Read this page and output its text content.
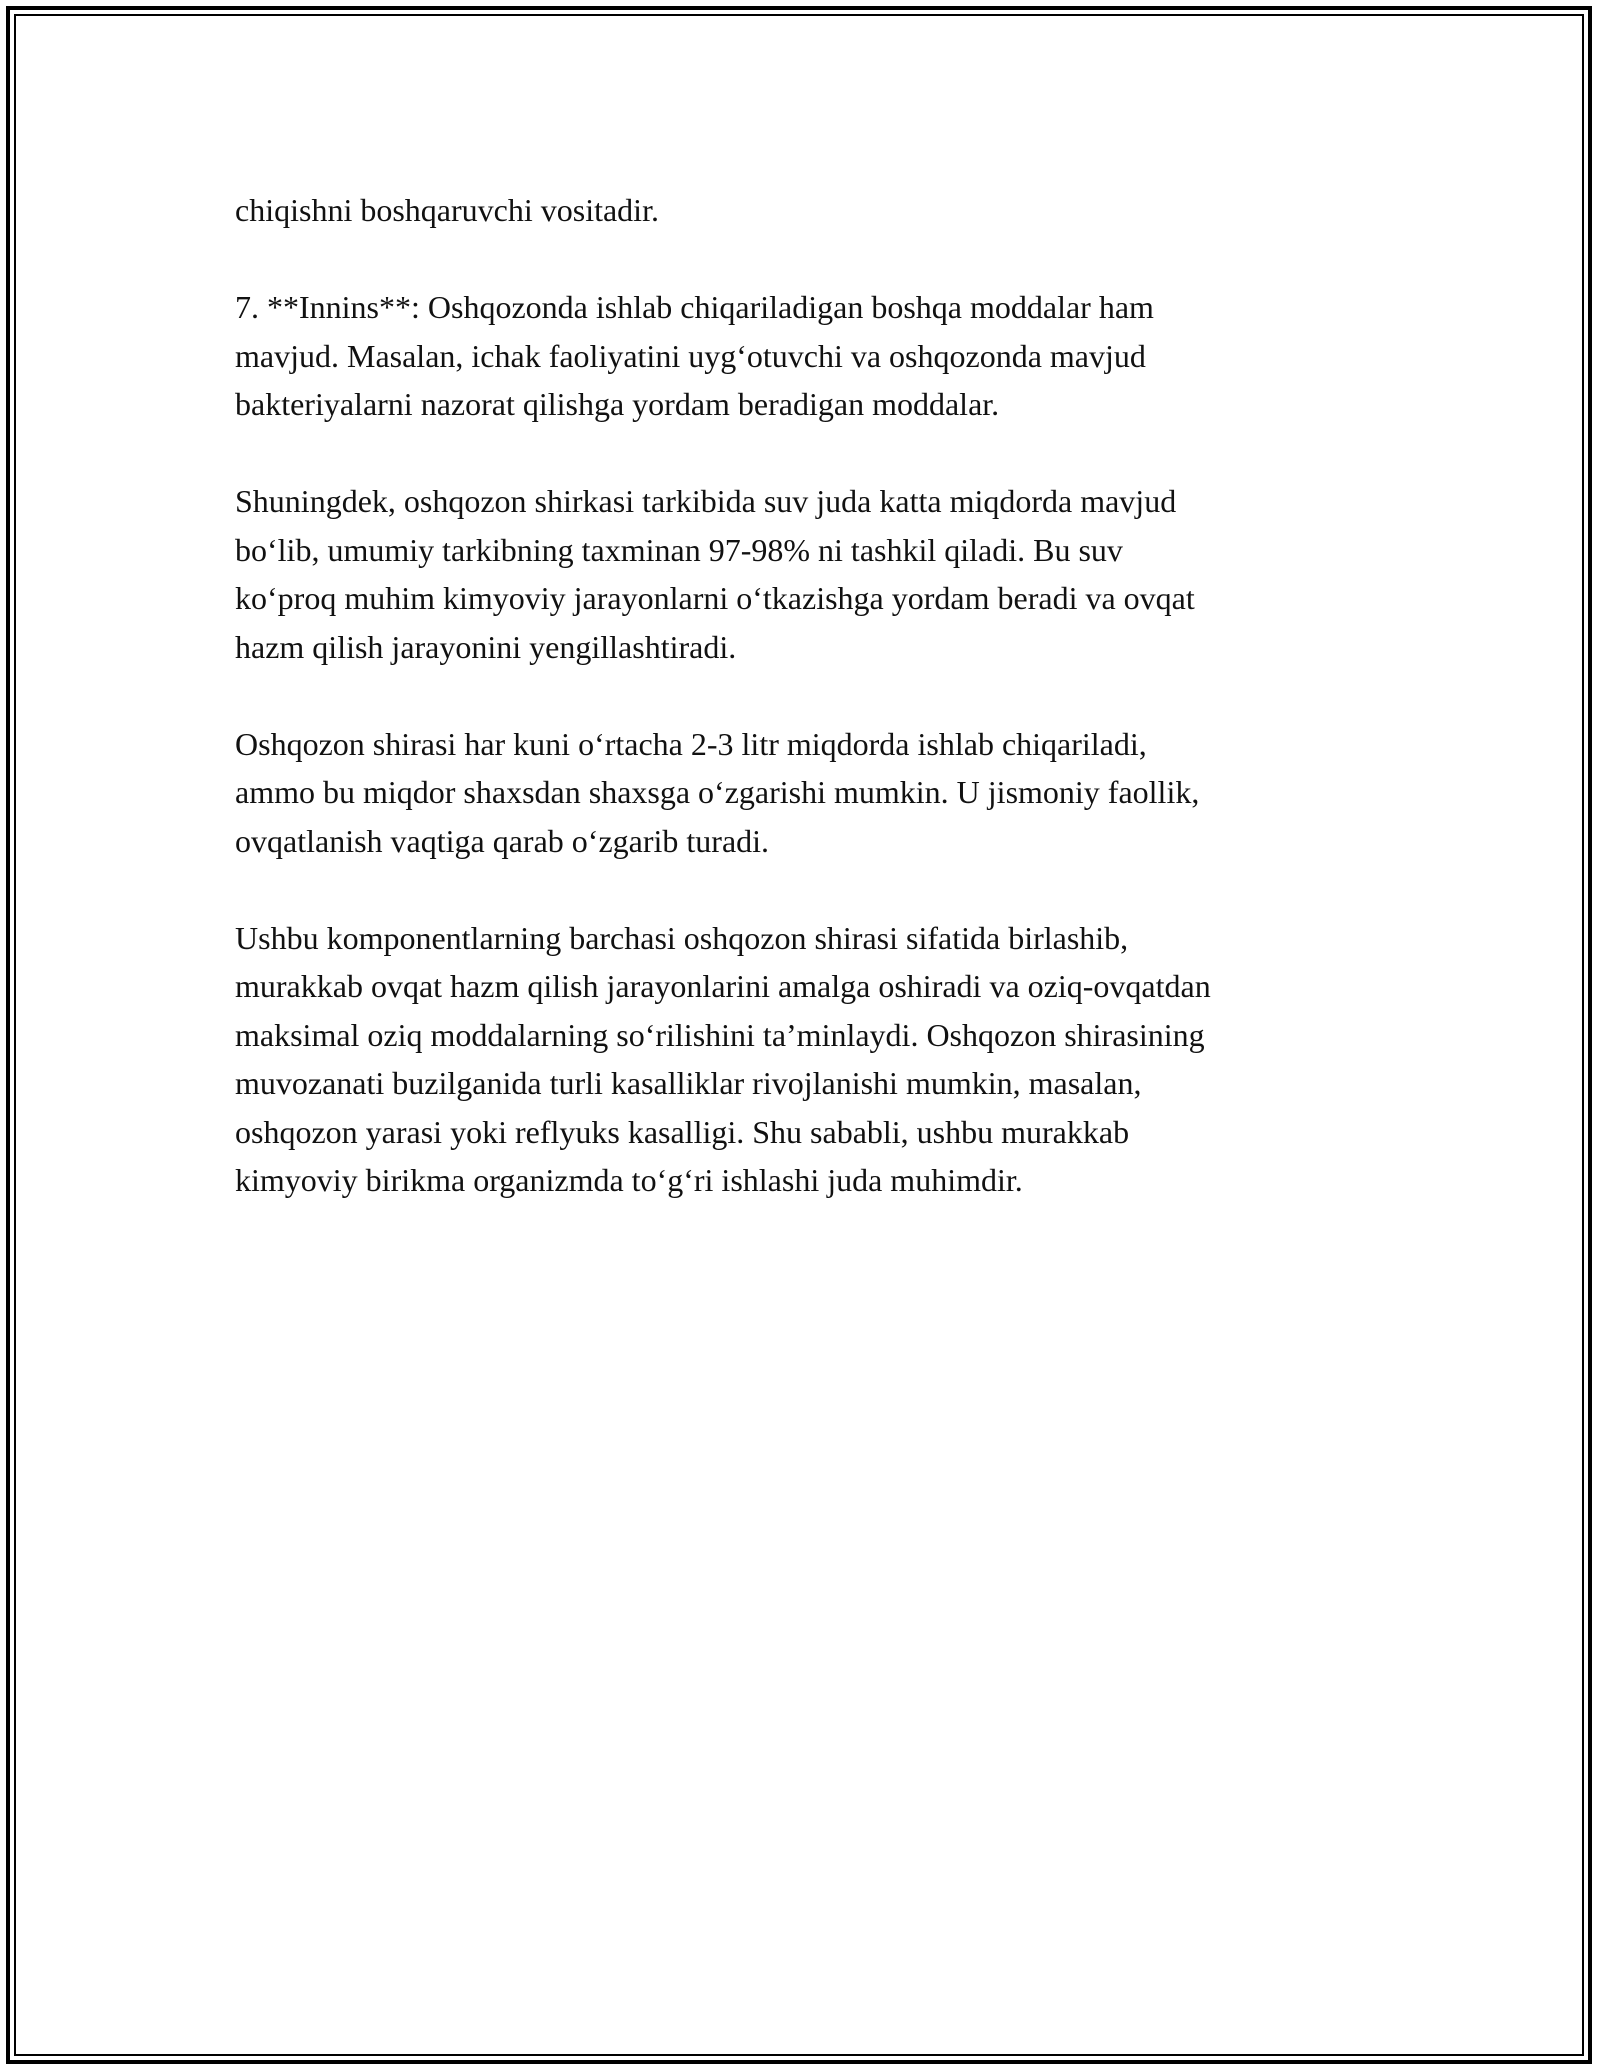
chiqishni boshqaruvchi vositadir.

7. **Innins**: Oshqozonda ishlab chiqariladigan boshqa moddalar ham
mavjud. Masalan, ichak faoliyatini uyg‘otuvchi va oshqozonda mavjud
bakteriyalarni nazorat qilishga yordam beradigan moddalar.

Shuningdek, oshqozon shirkasi tarkibida suv juda katta miqdorda mavjud
bo‘lib, umumiy tarkibning taxminan 97-98% ni tashkil qiladi. Bu suv
ko‘proq muhim kimyoviy jarayonlarni o‘tkazishga yordam beradi va ovqat
hazm qilish jarayonini yengillashtiradi.

Oshqozon shirasi har kuni o‘rtacha 2-3 litr miqdorda ishlab chiqariladi,
ammo bu miqdor shaxsdan shaxsga o‘zgarishi mumkin. U jismoniy faollik,
ovqatlanish vaqtiga qarab o‘zgarib turadi.

Ushbu komponentlarning barchasi oshqozon shirasi sifatida birlashib,
murakkab ovqat hazm qilish jarayonlarini amalga oshiradi va oziq-ovqatdan
maksimal oziq moddalarning so‘rilishini ta’minlaydi. Oshqozon shirasining
muvozanati buzilganida turli kasalliklar rivojlanishi mumkin, masalan,
oshqozon yarasi yoki reflyuks kasalligi. Shu sababli, ushbu murakkab
kimyoviy birikma organizmda to‘g‘ri ishlashi juda muhimdir.
